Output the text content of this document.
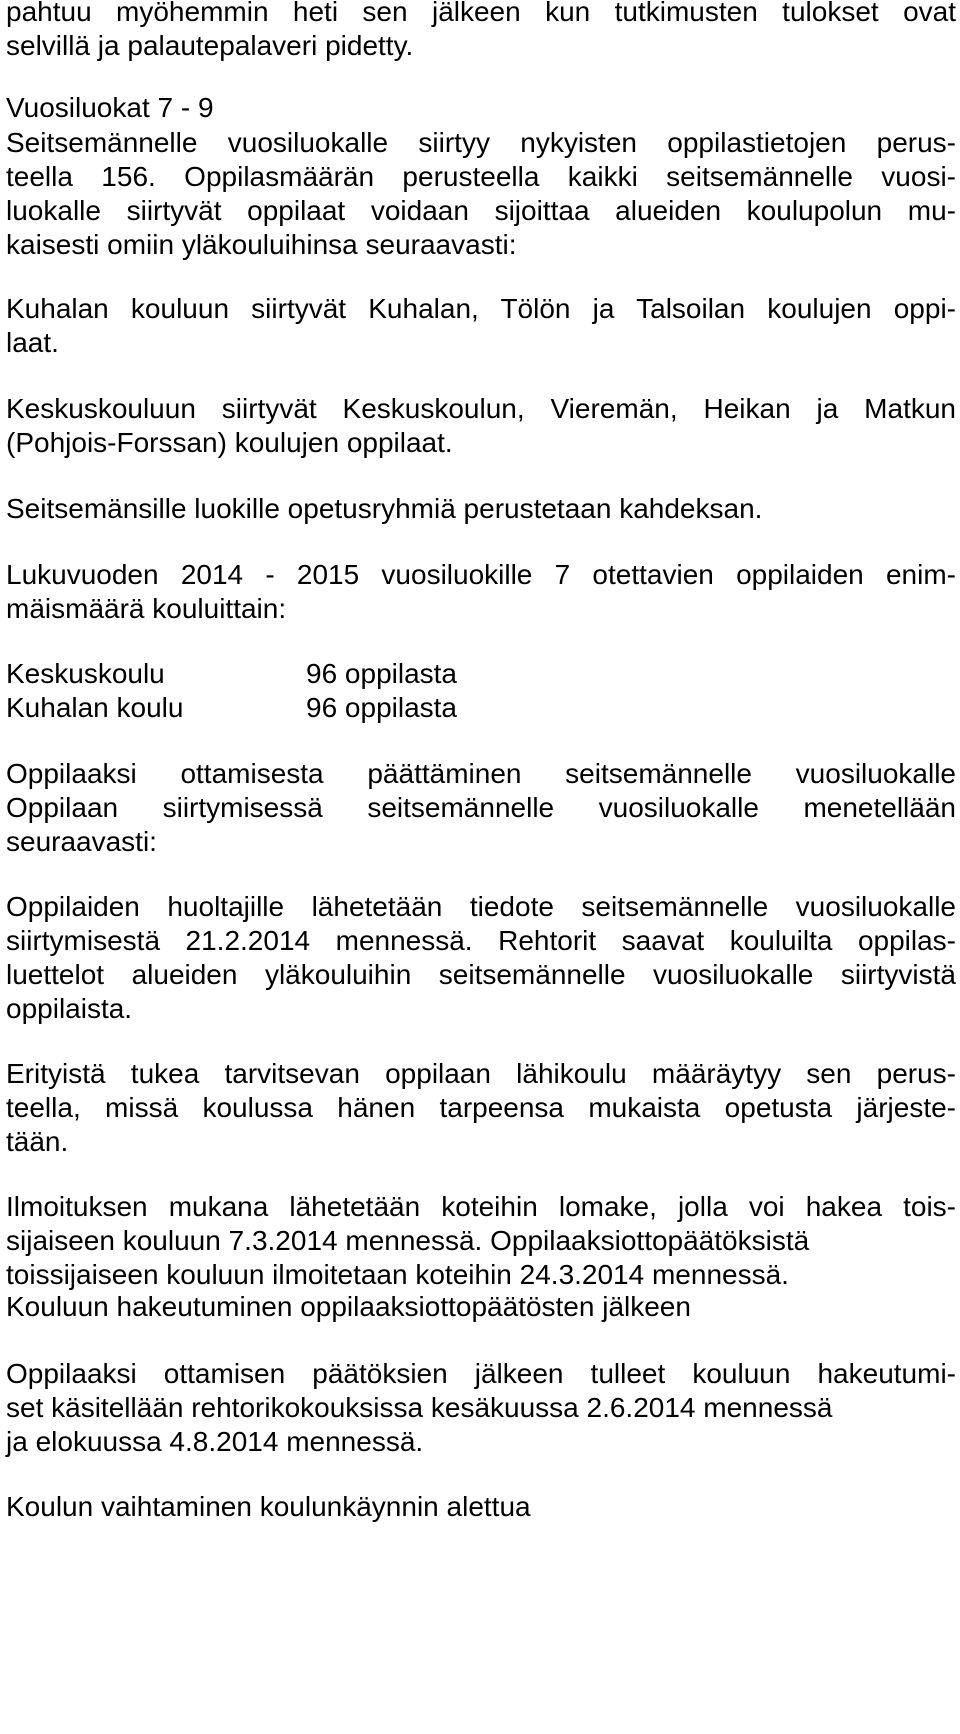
pahtuu myöhemmin heti sen jälkeen kun tutkimusten tulokset ovat
selvillä ja palautepalaveri pidetty.
Vuosiluokat 7 - 9
Seitsemännelle vuosiluokalle siirtyy nykyisten oppilastietojen perus-
teella 156. Oppilasmäärän perusteella kaikki seitsemännelle vuosi-
luokalle siirtyvät oppilaat voidaan sijoittaa alueiden koulupolun mu-
kaisesti omiin yläkouluihinsa seuraavasti:
Kuhalan kouluun siirtyvät Kuhalan, Tölön ja Talsoilan koulujen oppi-
laat.
Keskuskouluun siirtyvät Keskuskoulun, Vieremän, Heikan ja Matkun
(Pohjois-Forssan) koulujen oppilaat.
Seitsemänsille luokille opetusryhmiä perustetaan kahdeksan.
Lukuvuoden 2014 - 2015 vuosiluokille 7 otettavien oppilaiden enim-
mäismäärä kouluittain:
Keskuskoulu	96 oppilasta
Kuhalan koulu	96 oppilasta
Oppilaaksi ottamisesta päättäminen seitsemännelle vuosiluokalle
Oppilaan siirtymisessä seitsemännelle vuosiluokalle menetellään
seuraavasti:
Oppilaiden huoltajille lähetetään tiedote seitsemännelle vuosiluokalle
siirtymisestä 21.2.2014 mennessä. Rehtorit saavat kouluilta oppilas-
luettelot alueiden yläkouluihin seitsemännelle vuosiluokalle siirtyvistä
oppilaista.
Erityistä tukea tarvitsevan oppilaan lähikoulu määräytyy sen perus-
teella, missä koulussa hänen tarpeensa mukaista opetusta järjeste-
tään.
Ilmoituksen mukana lähetetään koteihin lomake, jolla voi hakea tois-
sijaiseen kouluun 7.3.2014 mennessä. Oppilaaksiottopäätöksistä
toissijaiseen kouluun ilmoitetaan koteihin 24.3.2014 mennessä.
Kouluun hakeutuminen oppilaaksiottopäätösten jälkeen
Oppilaaksi ottamisen päätöksien jälkeen tulleet kouluun hakeutumi-
set käsitellään rehtorikokouksissa kesäkuussa 2.6.2014 mennessä
ja elokuussa 4.8.2014 mennessä.
Koulun vaihtaminen koulunkäynnin alettua
